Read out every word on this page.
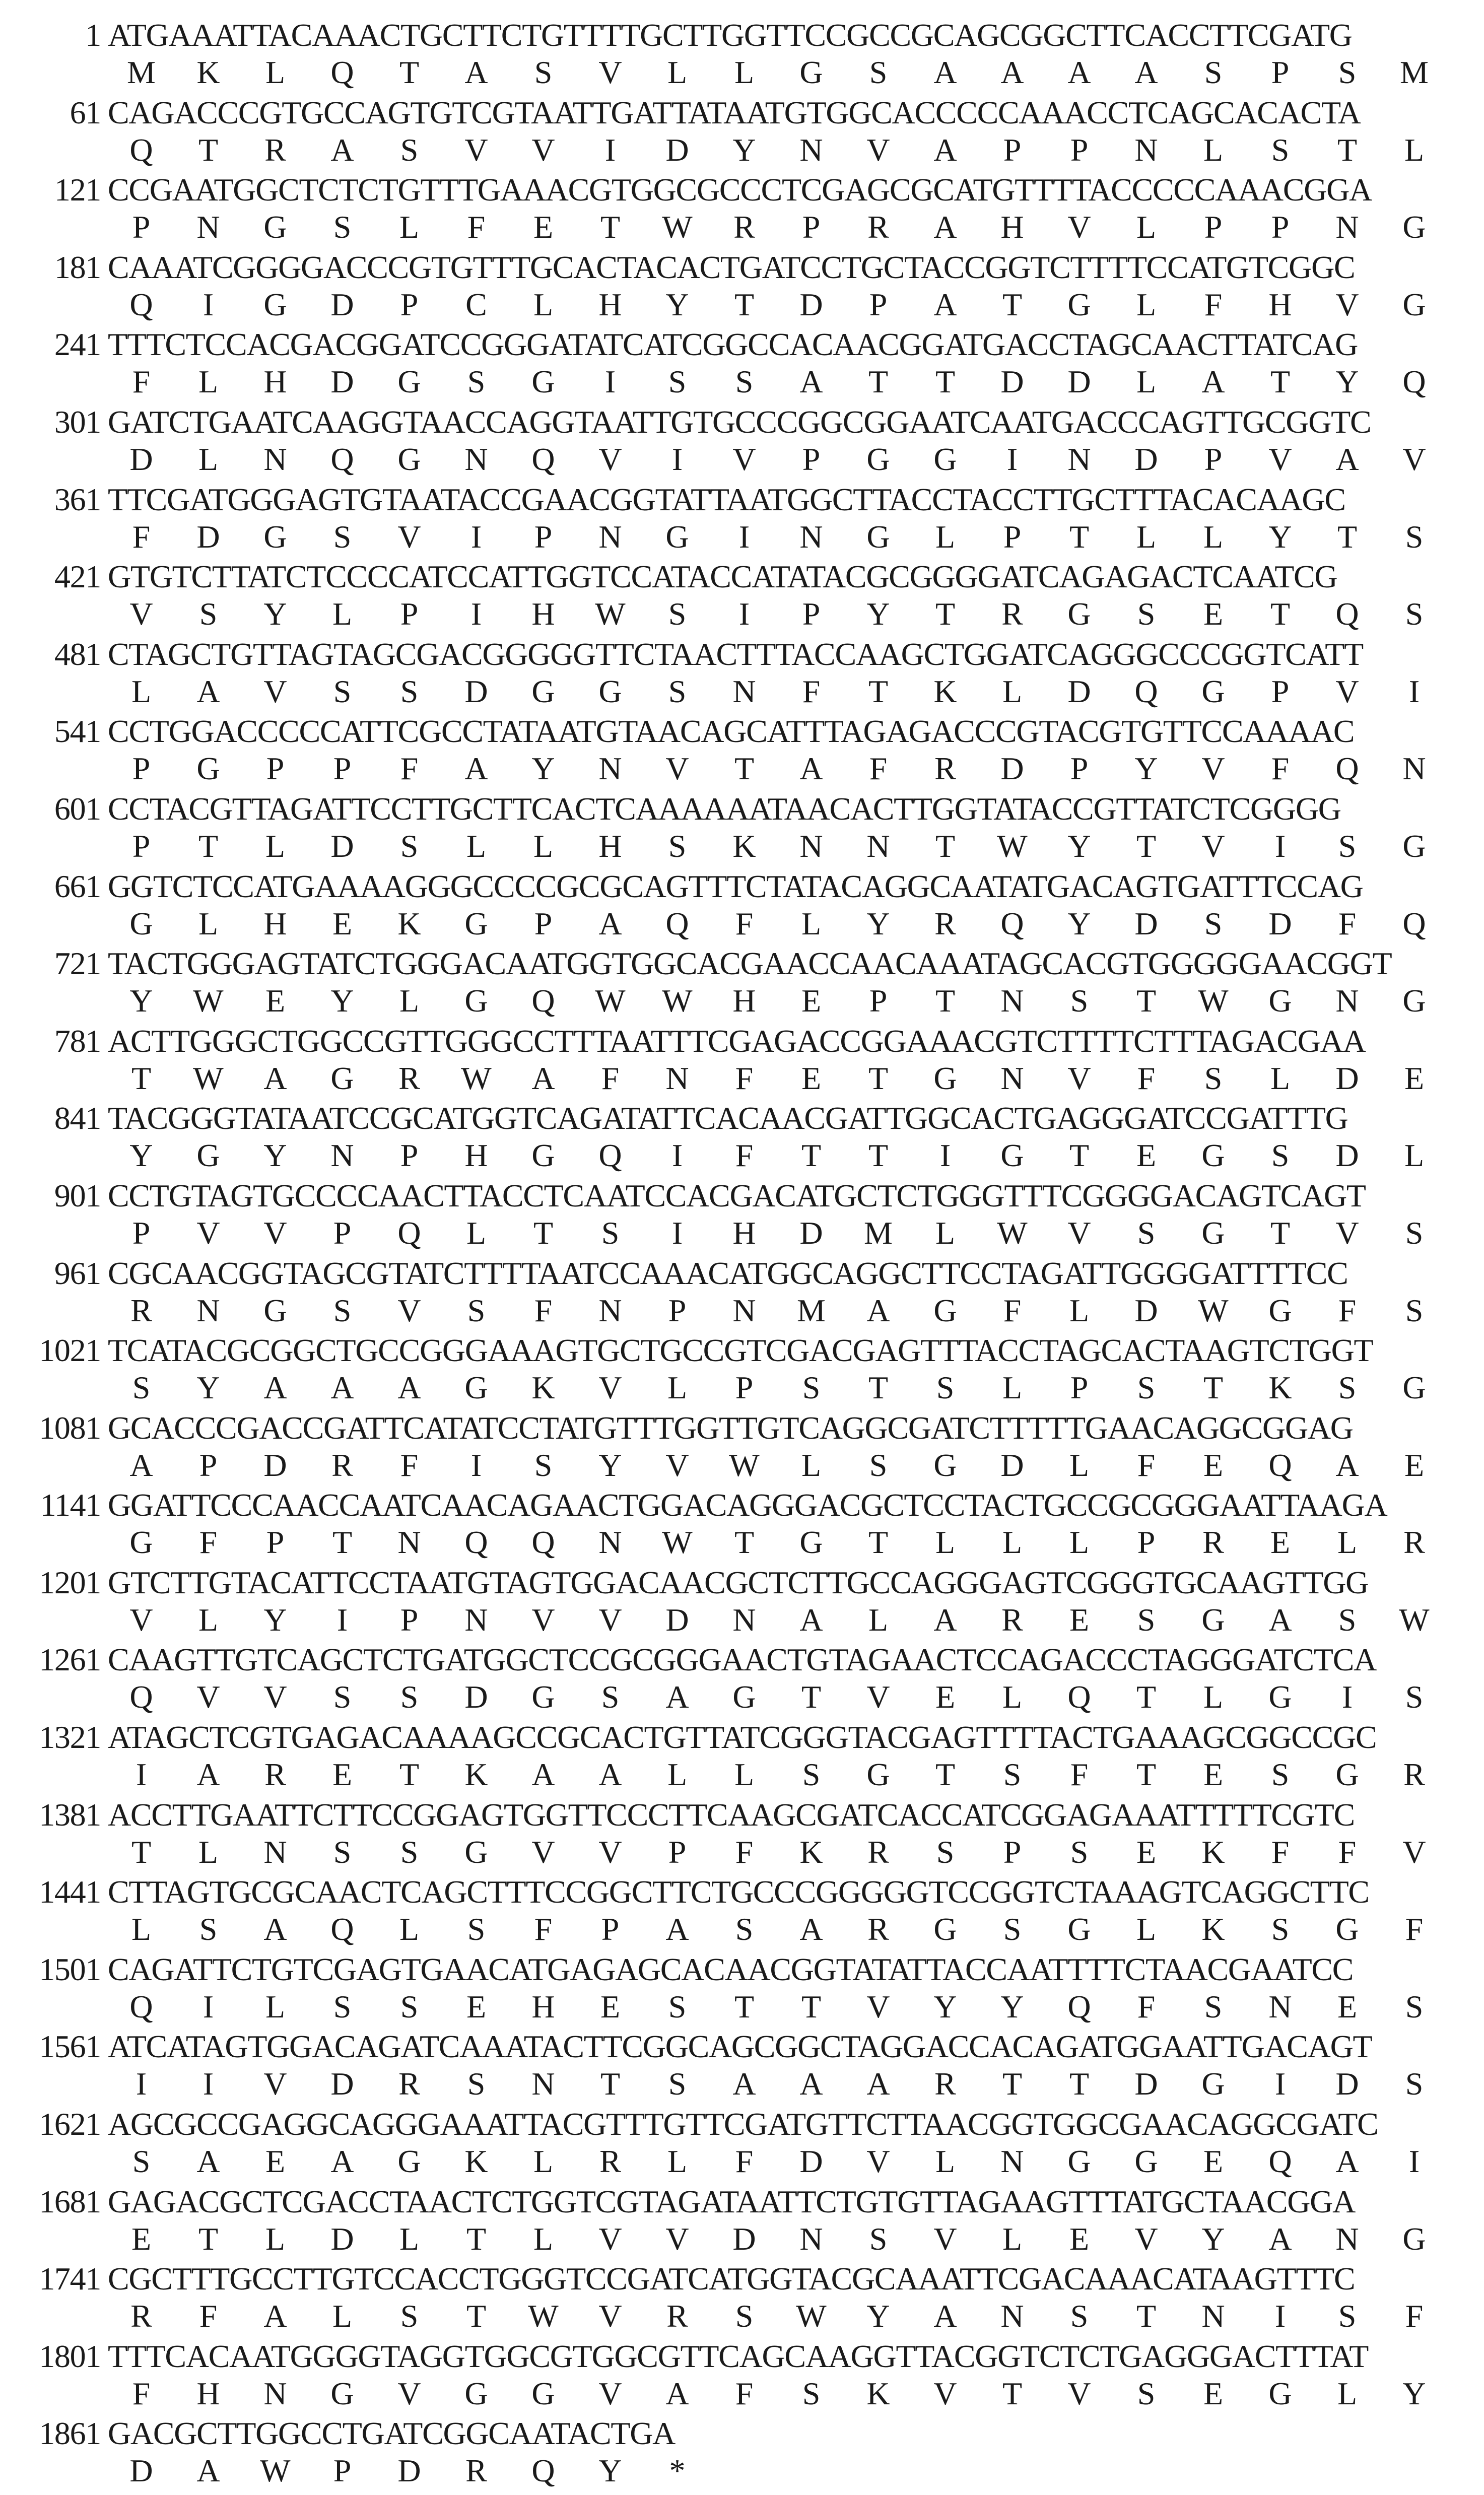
1 ATGAAATTACAAACTGCTTCTGTTTTGCTTGGTTCCGCCGCAGCGGCTTCACCTTCGATG
M	K	L	Q	T	A	S	V	L	L	G	S	A	A	A	A	S	P	S	M
61 CAGACCCGTGCCAGTGTCGTAATTGATTATAATGTGGCACCCCCAAACCTCAGCACACTA
Q	T	R	A	S	V	V	I	D	Y	N	V	A	P	P	N	L	S	T	L
121 CCGAATGGCTCTCTGTTTGAAACGTGGCGCCCTCGAGCGCATGTTTTACCCCCAAACGGA
P	N	G	S	L	F	E	T	W	R	P	R	A	H	V	L	P	P	N	G
181 CAAATCGGGGACCCGTGTTTGCACTACACTGATCCTGCTACCGGTCTTTTCCATGTCGGC
Q	I	G	D	P	C	L	H	Y	T	D	P	A	T	G	L	F	H	V	G
241 TTTCTCCACGACGGATCCGGGATATCATCGGCCACAACGGATGACCTAGCAACTTATCAG
F	L	H	D	G	S	G	I	S	S	A	T	T	D	D	L	A	T	Y	Q
301 GATCTGAATCAAGGTAACCAGGTAATTGTGCCCGGCGGAATCAATGACCCAGTTGCGGTC
D	L	N	Q	G	N	Q	V	I	V	P	G	G	I	N	D	P	V	A	V
361 TTCGATGGGAGTGTAATACCGAACGGTATTAATGGCTTACCTACCTTGCTTTACACAAGC
F	D	G	S	V	I	P	N	G	I	N	G	L	P	T	L	L	Y	T	S
421 GTGTCTTATCTCCCCATCCATTGGTCCATACCATATACGCGGGGATCAGAGACTCAATCG
V	S	Y	L	P	I	H	W	S	I	P	Y	T	R	G	S	E	T	Q	S
481 CTAGCTGTTAGTAGCGACGGGGGTTCTAACTTTACCAAGCTGGATCAGGGCCCGGTCATT
L	A	V	S	S	D	G	G	S	N	F	T	K	L	D	Q	G	P	V	I
541 CCTGGACCCCCATTCGCCTATAATGTAACAGCATTTAGAGACCCGTACGTGTTCCAAAAC
P	G	P	P	F	A	Y	N	V	T	A	F	R	D	P	Y	V	F	Q	N
601 CCTACGTTAGATTCCTTGCTTCACTCAAAAAATAACACTTGGTATACCGTTATCTCGGGG
P	T	L	D	S	L	L	H	S	K	N	N	T	W	Y	T	V	I	S	G
661 GGTCTCCATGAAAAGGGCCCCGCGCAGTTTCTATACAGGCAATATGACAGTGATTTCCAG
G	L	H	E	K	G	P	A	Q	F	L	Y	R	Q	Y	D	S	D	F	Q
721 TACTGGGAGTATCTGGGACAATGGTGGCACGAACCAACAAATAGCACGTGGGGGAACGGT
Y	W	E	Y	L	G	Q	W	W	H	E	P	T	N	S	T	W	G	N	G
781 ACTTGGGCTGGCCGTTGGGCCTTTAATTTCGAGACCGGAAACGTCTTTTCTTTAGACGAA
T	W	A	G	R	W	A	F	N	F	E	T	G	N	V	F	S	L	D	E
841 TACGGGTATAATCCGCATGGTCAGATATTCACAACGATTGGCACTGAGGGATCCGATTTG
Y	G	Y	N	P	H	G	Q	I	F	T	T	I	G	T	E	G	S	D	L
901 CCTGTAGTGCCCCAACTTACCTCAATCCACGACATGCTCTGGGTTTCGGGGACAGTCAGT
P	V	V	P	Q	L	T	S	I	H	D	M	L	W	V	S	G	T	V	S
961 CGCAACGGTAGCGTATCTTTTAATCCAAACATGGCAGGCTTCCTAGATTGGGGATTTTCC
R	N	G	S	V	S	F	N	P	N	M	A	G	F	L	D	W	G	F	S
1021 TCATACGCGGCTGCCGGGAAAGTGCTGCCGTCGACGAGTTTACCTAGCACTAAGTCTGGT
S	Y	A	A	A	G	K	V	L	P	S	T	S	L	P	S	T	K	S	G
1081 GCACCCGACCGATTCATATCCTATGTTTGGTTGTCAGGCGATCTTTTTGAACAGGCGGAG
A	P	D	R	F	I	S	Y	V	W	L	S	G	D	L	F	E	Q	A	E
1141 GGATTCCCAACCAATCAACAGAACTGGACAGGGACGCTCCTACTGCCGCGGGAATTAAGA
G	F	P	T	N	Q	Q	N	W	T	G	T	L	L	L	P	R	E	L	R
1201 GTCTTGTACATTCCTAATGTAGTGGACAACGCTCTTGCCAGGGAGTCGGGTGCAAGTTGG
V	L	Y	I	P	N	V	V	D	N	A	L	A	R	E	S	G	A	S	W
1261 CAAGTTGTCAGCTCTGATGGCTCCGCGGGAACTGTAGAACTCCAGACCCTAGGGATCTCA
Q	V	V	S	S	D	G	S	A	G	T	V	E	L	Q	T	L	G	I	S
1321 ATAGCTCGTGAGACAAAAGCCGCACTGTTATCGGGTACGAGTTTTACTGAAAGCGGCCGC
I	A	R	E	T	K	A	A	L	L	S	G	T	S	F	T	E	S	G	R
1381 ACCTTGAATTCTTCCGGAGTGGTTCCCTTCAAGCGATCACCATCGGAGAAATTTTTCGTC
T	L	N	S	S	G	V	V	P	F	K	R	S	P	S	E	K	F	F	V
1441 CTTAGTGCGCAACTCAGCTTTCCGGCTTCTGCCCGGGGGTCCGGTCTAAAGTCAGGCTTC
L	S	A	Q	L	S	F	P	A	S	A	R	G	S	G	L	K	S	G	F
1501 CAGATTCTGTCGAGTGAACATGAGAGCACAACGGTATATTACCAATTTTCTAACGAATCC
Q	I	L	S	S	E	H	E	S	T	T	V	Y	Y	Q	F	S	N	E	S
1561 ATCATAGTGGACAGATCAAATACTTCGGCAGCGGCTAGGACCACAGATGGAATTGACAGT
I	I	V	D	R	S	N	T	S	A	A	A	R	T	T	D	G	I	D	S
1621 AGCGCCGAGGCAGGGAAATTACGTTTGTTCGATGTTCTTAACGGTGGCGAACAGGCGATC
S	A	E	A	G	K	L	R	L	F	D	V	L	N	G	G	E	Q	A	I
1681 GAGACGCTCGACCTAACTCTGGTCGTAGATAATTCTGTGTTAGAAGTTTATGCTAACGGA
E	T	L	D	L	T	L	V	V	D	N	S	V	L	E	V	Y	A	N	G
1741 CGCTTTGCCTTGTCCACCTGGGTCCGATCATGGTACGCAAATTCGACAAACATAAGTTTC
R	F	A	L	S	T	W	V	R	S	W	Y	A	N	S	T	N	I	S	F
1801 TTTCACAATGGGGTAGGTGGCGTGGCGTTCAGCAAGGTTACGGTCTCTGAGGGACTTTAT
F	H	N	G	V	G	G	V	A	F	S	K	V	T	V	S	E	G	L	Y
1861 GACGCTTGGCCTGATCGGCAATACTGA
D	A	W	P	D	R	Q	Y	*
